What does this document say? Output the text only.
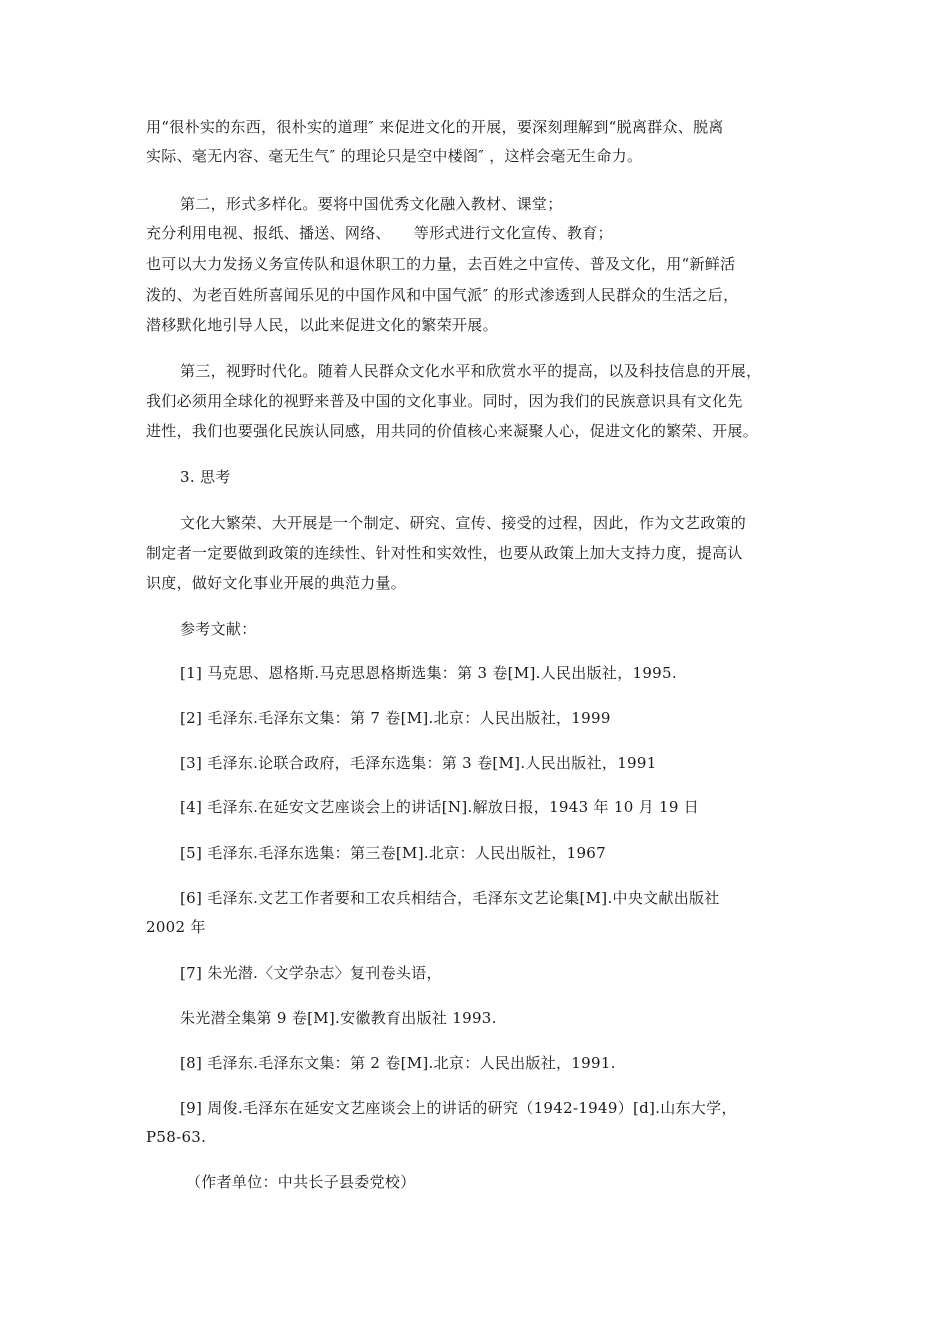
用“很朴实的东西，很朴实的道理″ 来促进文化的开展，要深刻理解到“脱离群众、脱离
实际、毫无内容、毫无生气″ 的理论只是空中楼阁″ ，这样会毫无生命力。
第二，形式多样化。要将中国优秀文化融入教材、课堂；
充分利用电视、报纸、播送、网络、　　等形式进行文化宣传、教育；
也可以大力发扬义务宣传队和退休职工的力量，去百姓之中宣传、普及文化，用“新鲜活
泼的、为老百姓所喜闻乐见的中国作风和中国气派″ 的形式渗透到人民群众的生活之后，
潜移默化地引导人民，以此来促进文化的繁荣开展。
第三，视野时代化。随着人民群众文化水平和欣赏水平的提高，以及科技信息的开展，
我们必须用全球化的视野来普及中国的文化事业。同时，因为我们的民族意识具有文化先
进性，我们也要强化民族认同感，用共同的价值核心来凝聚人心，促进文化的繁荣、开展。
3. 思考
文化大繁荣、大开展是一个制定、研究、宣传、接受的过程，因此，作为文艺政策的
制定者一定要做到政策的连续性、针对性和实效性，也要从政策上加大支持力度，提高认
识度，做好文化事业开展的典范力量。
参考文献：
[1] 马克思、恩格斯.马克思恩格斯选集：第 3 卷[M].人民出版社，1995.
[2] 毛泽东.毛泽东文集：第 7 卷[M].北京：人民出版社，1999
[3] 毛泽东.论联合政府，毛泽东选集：第 3 卷[M].人民出版社，1991
[4] 毛泽东.在延安文艺座谈会上的讲话[N].解放日报，1943 年 10 月 19 日
[5] 毛泽东.毛泽东选集：第三卷[M].北京：人民出版社，1967
[6] 毛泽东.文艺工作者要和工农兵相结合，毛泽东文艺论集[M].中央文献出版社
2002 年
[7] 朱光潜.〈文学杂志〉复刊卷头语，
朱光潜全集第 9 卷[M].安徽教育出版社 1993.
[8] 毛泽东.毛泽东文集：第 2 卷[M].北京：人民出版社，1991.
[9] 周俊.毛泽东在延安文艺座谈会上的讲话的研究（1942-1949）[d].山东大学，
P58-63.
（作者单位：中共长子县委党校）
